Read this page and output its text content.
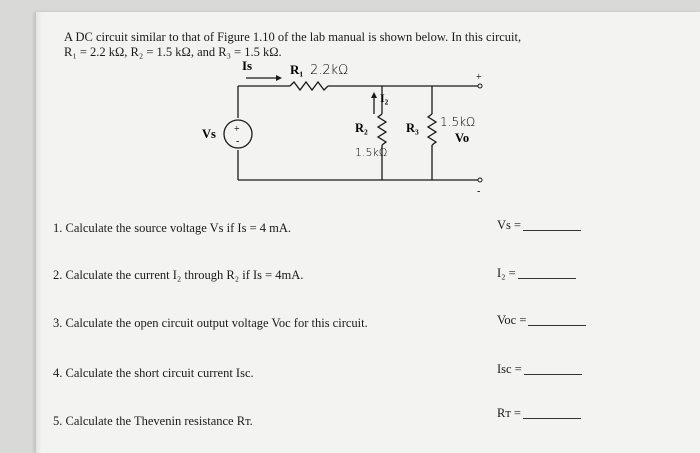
A DC circuit similar to that of Figure 1.10 of the lab manual is shown below. In this circuit,
R₁ = 2.2 kΩ, R₂ = 1.5 kΩ, and R₃ = 1.5 kΩ.
Is	R₁ 2.2kΩ
I₂
R₂
1.5kΩ
R₃ 1.5kΩ
Vs	Vo
+
-
+
-
1. Calculate the source voltage Vs if Is = 4 mA.	Vs =
2. Calculate the current I₂ through R₂ if Is = 4mA.	I₂ =
3. Calculate the open circuit output voltage Voc for this circuit.	Voc =
4. Calculate the short circuit current Isc.	Isc =
5. Calculate the Thevenin resistance Rт.
Rт =
